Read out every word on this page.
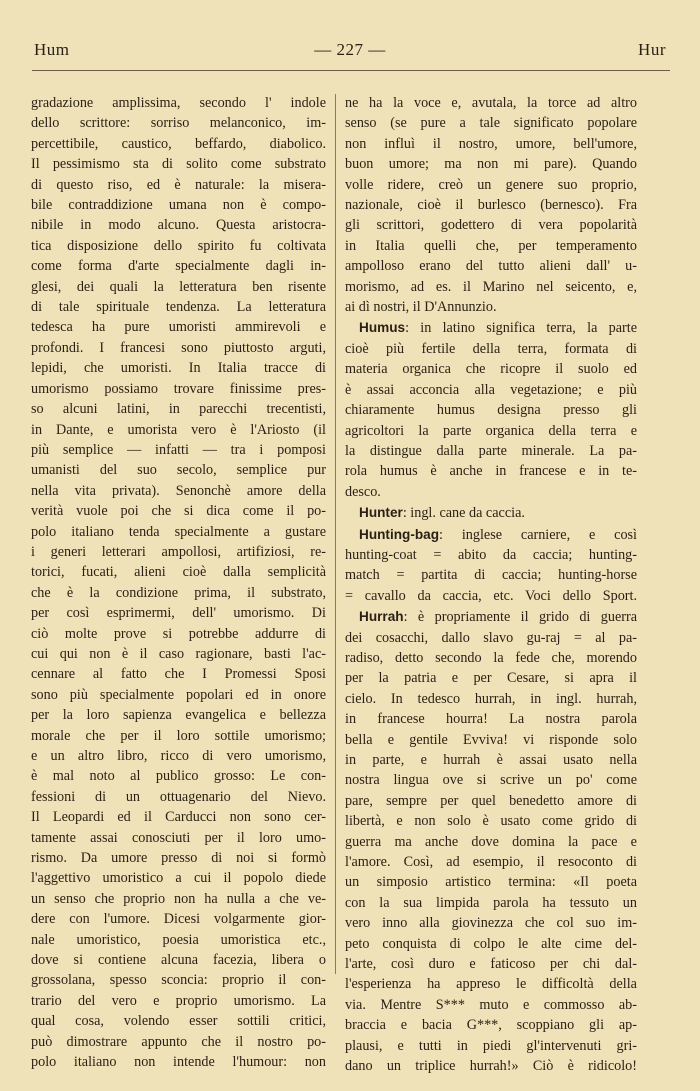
Hum	— 227 —	Hur
gradazione amplissima, secondo l' indole
dello scrittore: sorriso melanconico, im-
percettibile, caustico, beffardo, diabolico.
Il pessimismo sta di solito come substrato
di questo riso, ed è naturale: la misera-
bile contraddizione umana non è compo-
nibile in modo alcuno. Questa aristocra-
tica disposizione dello spirito fu coltivata
come forma d'arte specialmente dagli in-
glesi, dei quali la letteratura ben risente
di tale spirituale tendenza. La letteratura
tedesca ha pure umoristi ammirevoli e
profondi. I francesi sono piuttosto arguti,
lepidi, che umoristi. In Italia tracce di
umorismo possiamo trovare finissime pres-
so alcuni latini, in parecchi trecentisti,
in Dante, e umorista vero è l'Ariosto (il
più semplice — infatti — tra i pomposi
umanisti del suo secolo, semplice pur
nella vita privata). Senonchè amore della
verità vuole poi che si dica come il po-
polo italiano tenda specialmente a gustare
i generi letterari ampollosi, artifiziosi, re-
torici, fucati, alieni cioè dalla semplicità
che è la condizione prima, il substrato,
per così esprimermi, dell' umorismo. Di
ciò molte prove si potrebbe addurre di
cui qui non è il caso ragionare, basti l'ac-
cennare al fatto che I Promessi Sposi
sono più specialmente popolari ed in onore
per la loro sapienza evangelica e bellezza
morale che per il loro sottile umorismo;
e un altro libro, ricco di vero umorismo,
è mal noto al publico grosso: Le con-
fessioni di un ottuagenario del Nievo.
Il Leopardi ed il Carducci non sono cer-
tamente assai conosciuti per il loro umo-
rismo. Da umore presso di noi si formò
l'aggettivo umoristico a cui il popolo diede
un senso che proprio non ha nulla a che ve-
dere con l'umore. Dicesi volgarmente gior-
nale umoristico, poesia umoristica etc.,
dove si contiene alcuna facezia, libera o
grossolana, spesso sconcia: proprio il con-
trario del vero e proprio umorismo. La
qual cosa, volendo esser sottili critici,
può dimostrare appunto che il nostro po-
polo italiano non intende l'humour: non
ne ha la voce e, avutala, la torce ad altro
senso (se pure a tale significato popolare
non influì il nostro, umore, bell'umore,
buon umore; ma non mi pare). Quando
volle ridere, creò un genere suo proprio,
nazionale, cioè il burlesco (bernesco). Fra
gli scrittori, godettero di vera popolarità
in Italia quelli che, per temperamento
ampolloso erano del tutto alieni dall' u-
morismo, ad es. il Marino nel seicento, e,
ai dì nostri, il D'Annunzio.
Humus: in latino significa terra, la parte
cioè più fertile della terra, formata di
materia organica che ricopre il suolo ed
è assai acconcia alla vegetazione; e più
chiaramente humus designa presso gli
agricoltori la parte organica della terra e
la distingue dalla parte minerale. La pa-
rola humus è anche in francese e in te-
desco.
Hunter: ingl. cane da caccia.
Hunting-bag: inglese carniere, e così
hunting-coat = abito da caccia; hunting-
match = partita di caccia; hunting-horse
= cavallo da caccia, etc. Voci dello Sport.
Hurrah: è propriamente il grido di guerra
dei cosacchi, dallo slavo gu-raj = al pa-
radiso, detto secondo la fede che, morendo
per la patria e per Cesare, si apra il
cielo. In tedesco hurrah, in ingl. hurrah,
in francese hourra! La nostra parola
bella e gentile Evviva! vi risponde solo
in parte, e hurrah è assai usato nella
nostra lingua ove si scrive un po' come
pare, sempre per quel benedetto amore di
libertà, e non solo è usato come grido di
guerra ma anche dove domina la pace e
l'amore. Così, ad esempio, il resoconto di
un simposio artistico termina: «Il poeta
con la sua limpida parola ha tessuto un
vero inno alla giovinezza che col suo im-
peto conquista di colpo le alte cime del-
l'arte, così duro e faticoso per chi dal-
l'esperienza ha appreso le difficoltà della
via. Mentre S*** muto e commosso ab-
braccia e bacia G***, scoppiano gli ap-
plausi, e tutti in piedi gl'intervenuti gri-
dano un triplice hurrah!» Ciò è ridicolo!
